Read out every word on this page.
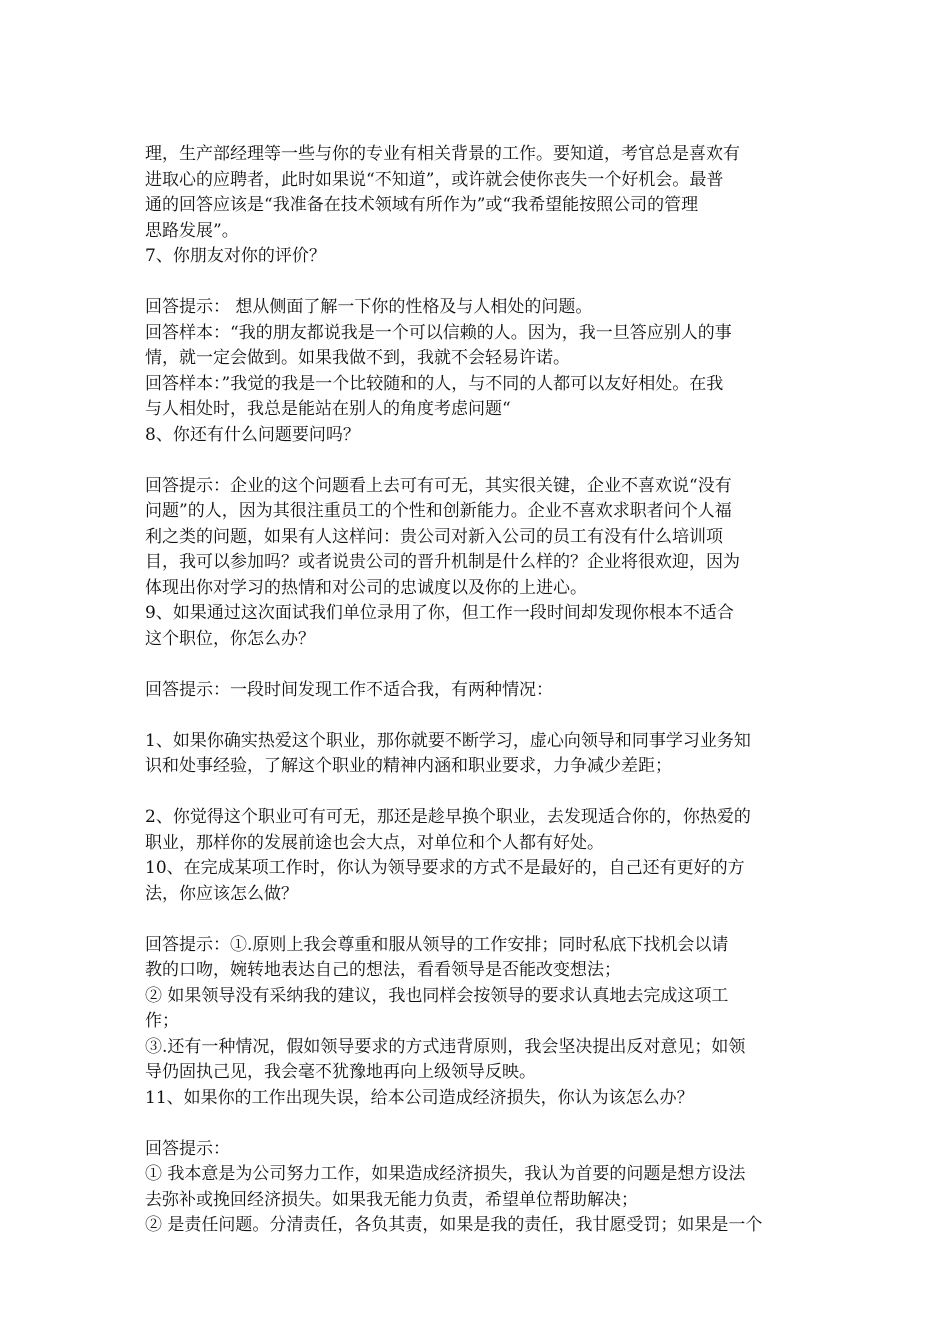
理，生产部经理等一些与你的专业有相关背景的工作。要知道，考官总是喜欢有
进取心的应聘者，此时如果说“不知道”，或许就会使你丧失一个好机会。最普
通的回答应该是“我准备在技术领域有所作为”或“我希望能按照公司的管理
思路发展”。
7、你朋友对你的评价？
回答提示： 想从侧面了解一下你的性格及与人相处的问题。
回答样本：“我的朋友都说我是一个可以信赖的人。因为，我一旦答应别人的事
情，就一定会做到。如果我做不到，我就不会轻易许诺。
回答样本：”我觉的我是一个比较随和的人，与不同的人都可以友好相处。在我
与人相处时，我总是能站在别人的角度考虑问题“
8、你还有什么问题要问吗？
回答提示：企业的这个问题看上去可有可无，其实很关键，企业不喜欢说“没有
问题”的人，因为其很注重员工的个性和创新能力。企业不喜欢求职者问个人福
利之类的问题，如果有人这样问：贵公司对新入公司的员工有没有什么培训项
目，我可以参加吗？或者说贵公司的晋升机制是什么样的？企业将很欢迎，因为
体现出你对学习的热情和对公司的忠诚度以及你的上进心。
9、如果通过这次面试我们单位录用了你，但工作一段时间却发现你根本不适合
这个职位，你怎么办？
回答提示：一段时间发现工作不适合我，有两种情况：
1、如果你确实热爱这个职业，那你就要不断学习，虚心向领导和同事学习业务知
识和处事经验，了解这个职业的精神内涵和职业要求，力争减少差距；
2、你觉得这个职业可有可无，那还是趁早换个职业，去发现适合你的，你热爱的
职业，那样你的发展前途也会大点，对单位和个人都有好处。
10、在完成某项工作时，你认为领导要求的方式不是最好的，自己还有更好的方
法，你应该怎么做？
回答提示：①.原则上我会尊重和服从领导的工作安排；同时私底下找机会以请
教的口吻，婉转地表达自己的想法，看看领导是否能改变想法；
② 如果领导没有采纳我的建议，我也同样会按领导的要求认真地去完成这项工
作；
③.还有一种情况，假如领导要求的方式违背原则，我会坚决提出反对意见；如领
导仍固执己见，我会毫不犹豫地再向上级领导反映。
11、如果你的工作出现失误，给本公司造成经济损失，你认为该怎么办？
回答提示：
① 我本意是为公司努力工作，如果造成经济损失，我认为首要的问题是想方设法
去弥补或挽回经济损失。如果我无能力负责，希望单位帮助解决；
② 是责任问题。分清责任，各负其责，如果是我的责任，我甘愿受罚；如果是一个
